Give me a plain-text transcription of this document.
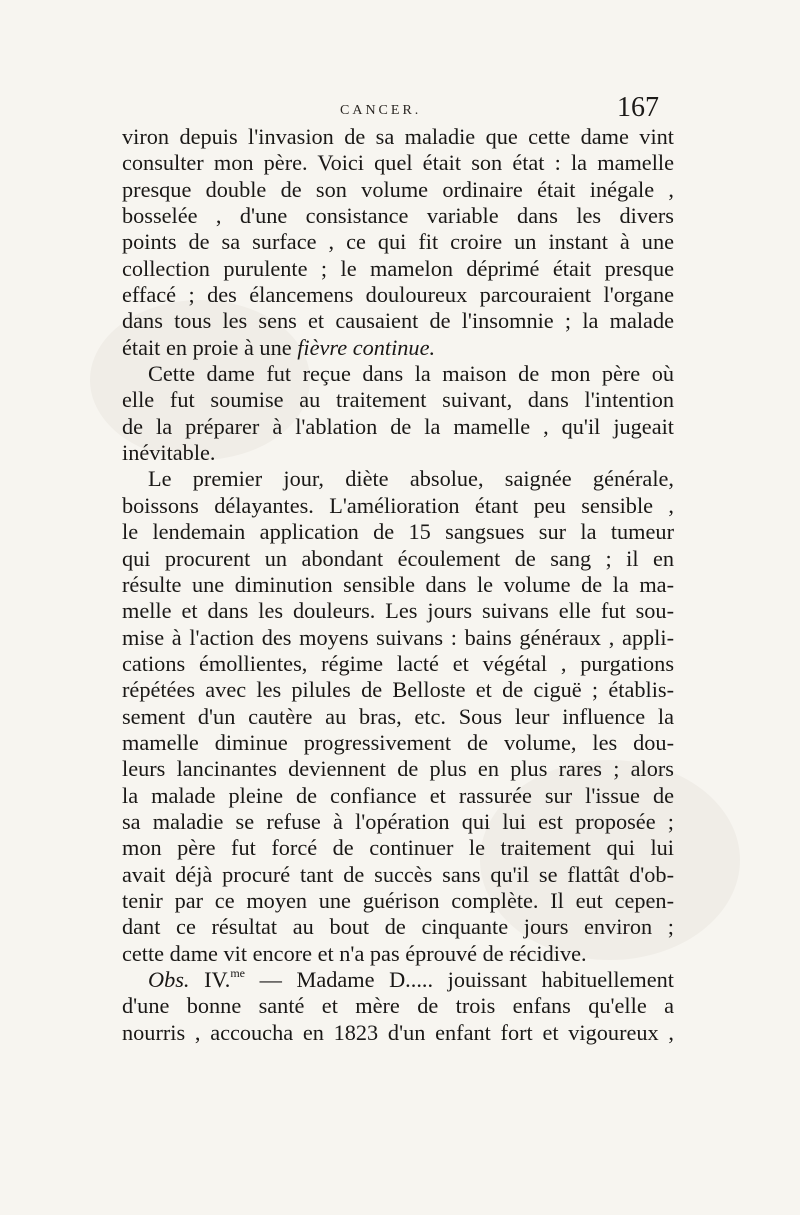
CANCER.	167
viron depuis l'invasion de sa maladie que cette dame vint
consulter mon père. Voici quel était son état : la mamelle
presque double de son volume ordinaire était inégale ,
bosselée , d'une consistance variable dans les divers
points de sa surface , ce qui fit croire un instant à une
collection purulente ; le mamelon déprimé était presque
effacé ; des élancemens douloureux parcouraient l'organe
dans tous les sens et causaient de l'insomnie ; la malade
était en proie à une fièvre continue.
Cette dame fut reçue dans la maison de mon père où
elle fut soumise au traitement suivant, dans l'intention
de la préparer à l'ablation de la mamelle , qu'il jugeait
inévitable.
Le premier jour, diète absolue, saignée générale,
boissons délayantes. L'amélioration étant peu sensible ,
le lendemain application de 15 sangsues sur la tumeur
qui procurent un abondant écoulement de sang ; il en
résulte une diminution sensible dans le volume de la ma-
melle et dans les douleurs. Les jours suivans elle fut sou-
mise à l'action des moyens suivans : bains généraux , appli-
cations émollientes, régime lacté et végétal , purgations
répétées avec les pilules de Belloste et de ciguë ; établis-
sement d'un cautère au bras, etc. Sous leur influence la
mamelle diminue progressivement de volume, les dou-
leurs lancinantes deviennent de plus en plus rares ; alors
la malade pleine de confiance et rassurée sur l'issue de
sa maladie se refuse à l'opération qui lui est proposée ;
mon père fut forcé de continuer le traitement qui lui
avait déjà procuré tant de succès sans qu'il se flattât d'ob-
tenir par ce moyen une guérison complète. Il eut cepen-
dant ce résultat au bout de cinquante jours environ ;
cette dame vit encore et n'a pas éprouvé de récidive.
Obs. IV.$^{me}$ — Madame D..... jouissant habituellement
d'une bonne santé et mère de trois enfans qu'elle a
nourris , accoucha en 1823 d'un enfant fort et vigoureux ,
